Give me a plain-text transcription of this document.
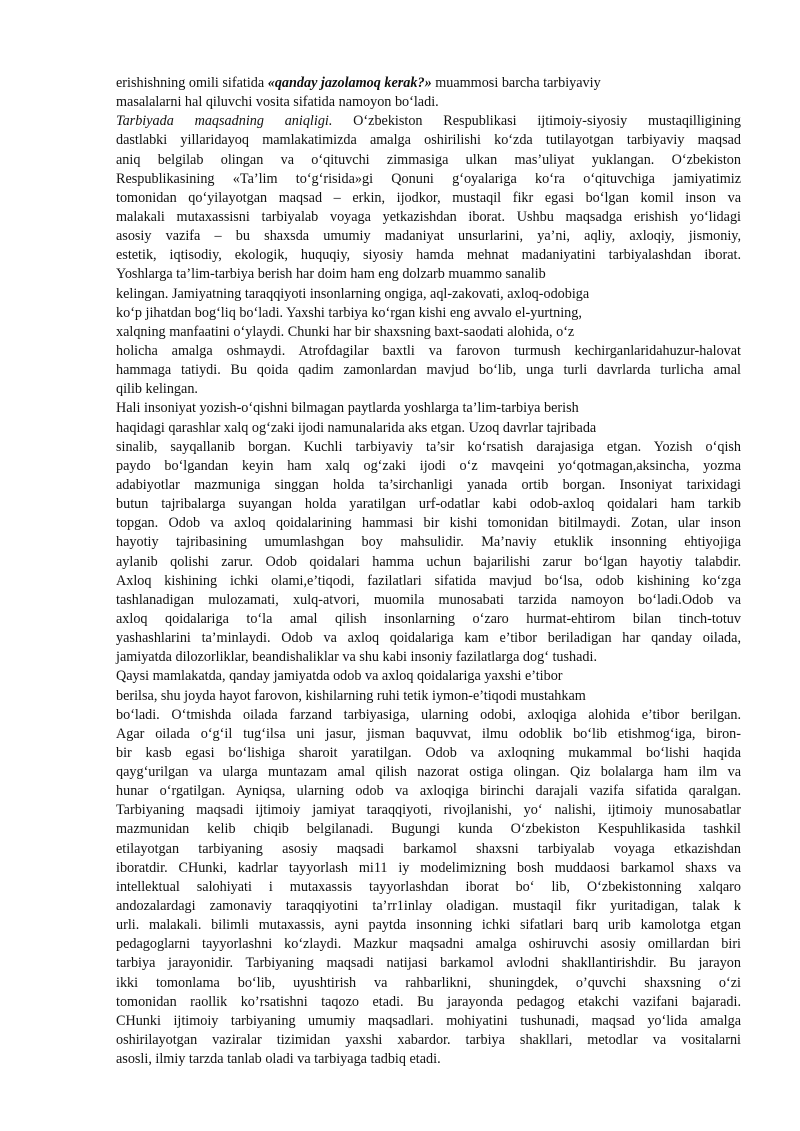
erishishning omili sifatida «qanday jazolamoq kerak?» muammosi barcha tarbiyaviy
masalalarni hal qiluvchi vosita sifatida namoyon bo‘ladi.
Tarbiyada maqsadning aniqligi. O‘zbekiston Respublikasi ijtimoiy-siyosiy mustaqilligining
dastlabki yillaridayoq mamlakatimizda amalga oshirilishi ko‘zda tutilayotgan tarbiyaviy maqsad
aniq belgilab olingan va o‘qituvchi zimmasiga ulkan mas’uliyat yuklangan. O‘zbekiston
Respublikasining «Ta’lim to‘g‘risida»gi Qonuni g‘oyalariga ko‘ra o‘qituvchiga jamiyatimiz
tomonidan qo‘yilayotgan maqsad – erkin, ijodkor, mustaqil fikr egasi bo‘lgan komil inson va
malakali mutaxassisni tarbiyalab voyaga yetkazishdan iborat. Ushbu maqsadga erishish yo‘lidagi
asosiy vazifa – bu shaxsda umumiy madaniyat unsurlarini, ya’ni, aqliy, axloqiy, jismoniy,
estetik, iqtisodiy, ekologik, huquqiy, siyosiy hamda mehnat madaniyatini tarbiyalashdan iborat.
Yoshlarga ta’lim-tarbiya berish har doim ham eng dolzarb muammo sanalib
kelingan. Jamiyatning taraqqiyoti insonlarning ongiga, aql-zakovati, axloq-odobiga
ko‘p jihatdan bog‘liq bo‘ladi. Yaxshi tarbiya ko‘rgan kishi eng avvalo el-yurtning,
xalqning manfaatini o‘ylaydi. Chunki har bir shaxsning baxt-saodati alohida, o‘z
holicha amalga oshmaydi. Atrofdagilar baxtli va farovon turmush kechirganlaridahuzur-halovat
hammaga tatiydi. Bu qoida qadim zamonlardan mavjud bo‘lib, unga turli davrlarda turlicha amal
qilib kelingan.
Hali insoniyat yozish-o‘qishni bilmagan paytlarda yoshlarga ta’lim-tarbiya berish
haqidagi qarashlar xalq og‘zaki ijodi namunalarida aks etgan. Uzoq davrlar tajribada
sinalib, sayqallanib borgan. Kuchli tarbiyaviy ta’sir ko‘rsatish darajasiga etgan. Yozish o‘qish
paydo bo‘lgandan keyin ham xalq og‘zaki ijodi o‘z mavqeini yo‘qotmagan,aksincha, yozma
adabiyotlar mazmuniga singgan holda ta’sirchanligi yanada ortib borgan. Insoniyat tarixidagi
butun tajribalarga suyangan holda yaratilgan urf-odatlar kabi odob-axloq qoidalari ham tarkib
topgan. Odob va axloq qoidalarining hammasi bir kishi tomonidan bitilmaydi. Zotan, ular inson
hayotiy tajribasining umumlashgan boy mahsulidir. Ma’naviy etuklik insonning ehtiyojiga
aylanib qolishi zarur. Odob qoidalari hamma uchun bajarilishi zarur bo‘lgan hayotiy talabdir.
Axloq kishining ichki olami,e’tiqodi, fazilatlari sifatida mavjud bo‘lsa, odob kishining ko‘zga
tashlanadigan mulozamati, xulq-atvori, muomila munosabati tarzida namoyon bo‘ladi.Odob va
axloq qoidalariga to‘la amal qilish insonlarning o‘zaro hurmat-ehtirom bilan tinch-totuv
yashashlarini ta’minlaydi. Odob va axloq qoidalariga kam e’tibor beriladigan har qanday oilada,
jamiyatda dilozorliklar, beandishaliklar va shu kabi insoniy fazilatlarga dog‘ tushadi.
Qaysi mamlakatda, qanday jamiyatda odob va axloq qoidalariga yaxshi e’tibor
berilsa, shu joyda hayot farovon, kishilarning ruhi tetik iymon-e’tiqodi mustahkam
bo‘ladi. O‘tmishda oilada farzand tarbiyasiga, ularning odobi, axloqiga alohida e’tibor berilgan.
Agar oilada o‘g‘il tug‘ilsa uni jasur, jisman baquvvat, ilmu odoblik bo‘lib etishmog‘iga, biron-
bir kasb egasi bo‘lishiga sharoit yaratilgan. Odob va axloqning mukammal bo‘lishi haqida
qayg‘urilgan va ularga muntazam amal qilish nazorat ostiga olingan. Qiz bolalarga ham ilm va
hunar o‘rgatilgan. Ayniqsa, ularning odob va axloqiga birinchi darajali vazifa sifatida qaralgan.
Tarbiyaning maqsadi ijtimoiy jamiyat taraqqiyoti, rivojlanishi, yo‘ nalishi, ijtimoiy munosabatlar
mazmunidan kelib chiqib belgilanadi. Bugungi kunda O‘zbekiston Kespuhlikasida tashkil
etilayotgan tarbiyaning asosiy maqsadi barkamol shaxsni tarbiyalab voyaga etkazishdan
iboratdir. CHunki, kadrlar tayyorlash mi11 iy modelimizning bosh muddaosi barkamol shaxs va
intellektual salohiyati i mutaxassis tayyorlashdan iborat bo‘ lib, O‘zbekistonning xalqaro
andozalardagi zamonaviy taraqqiyotini ta’rr1inlay oladigan. mustaqil fikr yuritadigan, talak k
urli. malakali. bilimli mutaxassis, ayni paytda insonning ichki sifatlari barq urib kamolotga etgan
pedagoglarni tayyorlashni ko‘zlaydi. Mazkur maqsadni amalga oshiruvchi asosiy omillardan biri
tarbiya jarayonidir. Tarbiyaning maqsadi natijasi barkamol avlodni shakllantirishdir. Bu jarayon
ikki tomonlama bo‘lib, uyushtirish va rahbarlikni, shuningdek, o’quvchi shaxsning o‘zi
tomonidan raollik ko’rsatishni taqozo etadi. Bu jarayonda pedagog etakchi vazifani bajaradi.
CHunki ijtimoiy tarbiyaning umumiy maqsadlari. mohiyatini tushunadi, maqsad yo‘lida amalga
oshirilayotgan vaziralar tizimidan yaxshi xabardor. tarbiya shakllari, metodlar va vositalarni
asosli, ilmiy tarzda tanlab oladi va tarbiyaga tadbiq etadi.
